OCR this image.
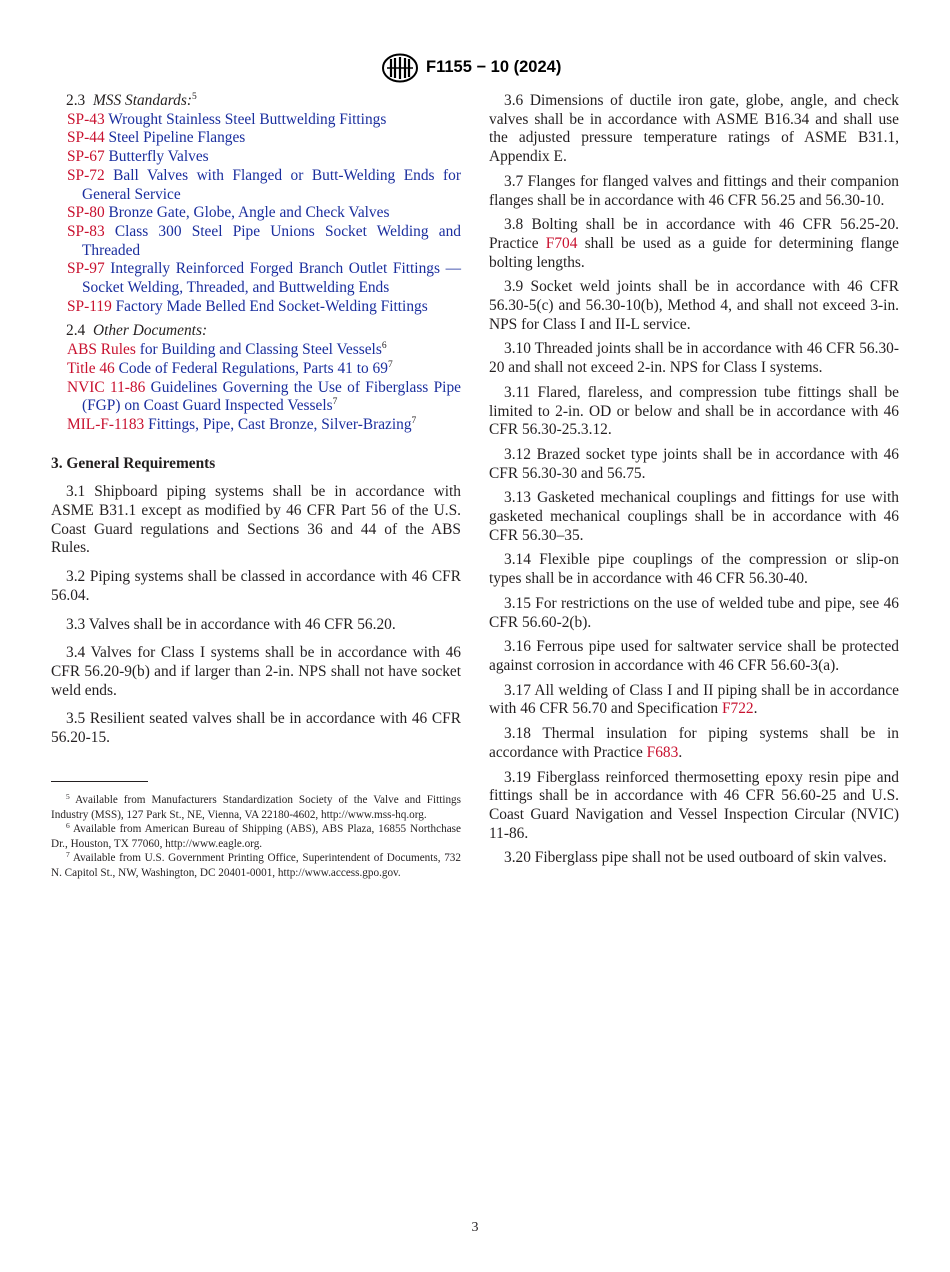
F1155 − 10 (2024)

2.3 MSS Standards:$^5$

SP-43 Wrought Stainless Steel Buttwelding Fittings

SP-44 Steel Pipeline Flanges

SP-67 Butterfly Valves

SP-72 Ball Valves with Flanged or Butt-Welding Ends for General Service

SP-80 Bronze Gate, Globe, Angle and Check Valves

SP-83 Class 300 Steel Pipe Unions Socket Welding and Threaded

SP-97 Integrally Reinforced Forged Branch Outlet Fittings — Socket Welding, Threaded, and Buttwelding Ends

SP-119 Factory Made Belled End Socket-Welding Fittings

2.4 Other Documents:

ABS Rules for Building and Classing Steel Vessels$^6$

Title 46 Code of Federal Regulations, Parts 41 to $69^7$

NVIC 11-86 Guidelines Governing the Use of Fiberglass Pipe (FGP) on Coast Guard Inspected Vessels$^7$

MIL-F-1183 Fittings, Pipe, Cast Bronze, Silver-Brazing$^7$

3. General Requirements

3.1 Shipboard piping systems shall be in accordance with ASME B31.1 except as modified by 46 CFR Part 56 of the U.S. Coast Guard regulations and Sections 36 and 44 of the ABS Rules.

3.2 Piping systems shall be classed in accordance with 46 CFR 56.04.

3.3 Valves shall be in accordance with 46 CFR 56.20.

3.4 Valves for Class I systems shall be in accordance with 46 CFR 56.20-9(b) and if larger than 2-in. NPS shall not have socket weld ends.

3.5 Resilient seated valves shall be in accordance with 46 CFR 56.20-15.

3.6 Dimensions of ductile iron gate, globe, angle, and check valves shall be in accordance with ASME B16.34 and shall use the adjusted pressure temperature ratings of ASME B31.1, Appendix E.

3.7 Flanges for flanged valves and fittings and their companion flanges shall be in accordance with 46 CFR 56.25 and 56.30-10.

3.8 Bolting shall be in accordance with 46 CFR 56.25-20. Practice F704 shall be used as a guide for determining flange bolting lengths.

3.9 Socket weld joints shall be in accordance with 46 CFR 56.30-5(c) and 56.30-10(b), Method 4, and shall not exceed 3-in. NPS for Class I and II-L service.

3.10 Threaded joints shall be in accordance with 46 CFR 56.30-20 and shall not exceed 2-in. NPS for Class I systems.

3.11 Flared, flareless, and compression tube fittings shall be limited to 2-in. OD or below and shall be in accordance with 46 CFR 56.30-25.3.12.

3.12 Brazed socket type joints shall be in accordance with 46 CFR 56.30-30 and 56.75.

3.13 Gasketed mechanical couplings and fittings for use with gasketed mechanical couplings shall be in accordance with 46 CFR 56.30–35.

3.14 Flexible pipe couplings of the compression or slip-on types shall be in accordance with 46 CFR 56.30-40.

3.15 For restrictions on the use of welded tube and pipe, see 46 CFR 56.60-2(b).

3.16 Ferrous pipe used for saltwater service shall be protected against corrosion in accordance with 46 CFR 56.60-3(a).

3.17 All welding of Class I and II piping shall be in accordance with 46 CFR 56.70 and Specification F722.

3.18 Thermal insulation for piping systems shall be in accordance with Practice F683.

3.19 Fiberglass reinforced thermosetting epoxy resin pipe and fittings shall be in accordance with 46 CFR 56.60-25 and U.S. Coast Guard Navigation and Vessel Inspection Circular (NVIC) 11-86.

3.20 Fiberglass pipe shall not be used outboard of skin valves.

$^5$ Available from Manufacturers Standardization Society of the Valve and Fittings Industry (MSS), 127 Park St., NE, Vienna, VA 22180-4602, http://www.mss-hq.org.

$^6$ Available from American Bureau of Shipping (ABS), ABS Plaza, 16855 Northchase Dr., Houston, TX 77060, http://www.eagle.org.

$^7$ Available from U.S. Government Printing Office, Superintendent of Documents, 732 N. Capitol St., NW, Washington, DC 20401-0001, http://www.access.gpo.gov.

3
